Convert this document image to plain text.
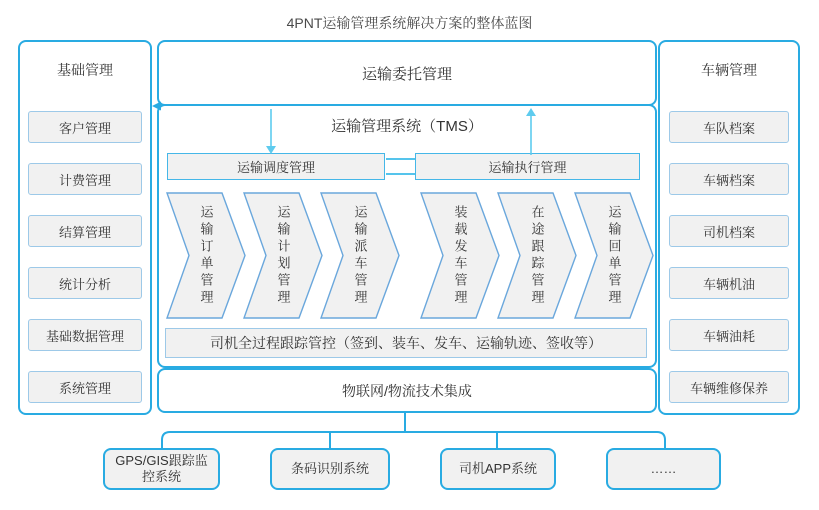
4PNT运输管理系统解决方案的整体蓝图
基础管理
客户管理
计费管理
结算管理
统计分析
基础数据管理
系统管理
车辆管理
车队档案
车辆档案
司机档案
车辆机油
车辆油耗
车辆维修保养
运输委托管理
运输管理系统（TMS）
运输调度管理	运输执行管理
运输订单管理	运输计划管理	运输派车管理	装载发车管理	在途跟踪管理	运输回单管理
司机全过程跟踪管控（签到、装车、发车、运输轨迹、签收等）
物联网/物流技术集成
GPS/GIS跟踪监控系统
条码识别系统	司机APP系统	……
